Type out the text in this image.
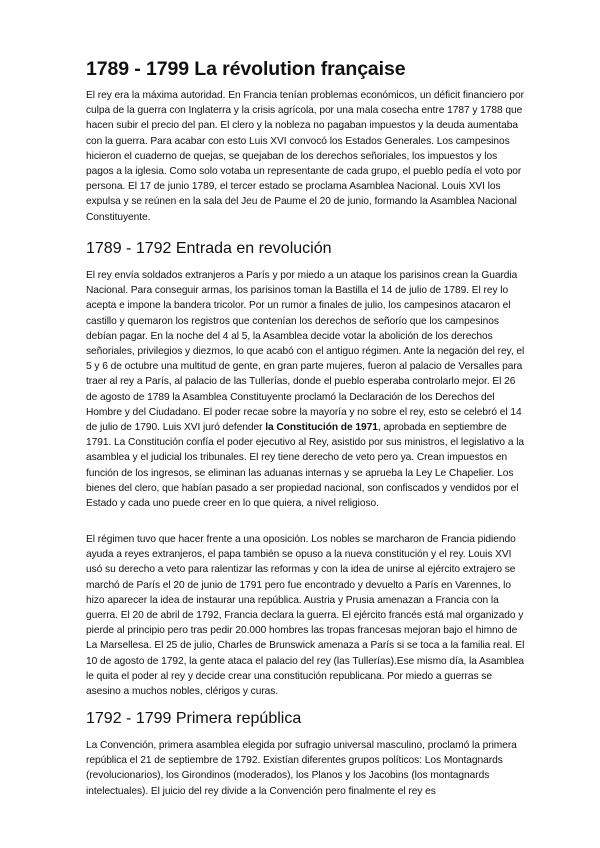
1789 - 1799 La révolution française

El rey era la máxima autoridad. En Francia tenían problemas económicos, un déficit financiero por culpa de la guerra con Inglaterra y la crisis agrícola, por una mala cosecha entre 1787 y 1788 que hacen subir el precio del pan. El clero y la nobleza no pagaban impuestos y la deuda aumentaba con la guerra. Para acabar con esto Luis XVI convocó los Estados Generales. Los campesinos hicieron el cuaderno de quejas, se quejaban de los derechos señoriales, los impuestos y los pagos a la iglesia. Como solo votaba un representante de cada grupo, el pueblo pedía el voto por persona. El 17 de junio 1789, el tercer estado se proclama Asamblea Nacional. Louis XVI los expulsa y se reúnen en la sala del Jeu de Paume el 20 de junio, formando la Asamblea Nacional Constituyente.

1789 - 1792 Entrada en revolución

El rey envía soldados extranjeros a París y por miedo a un ataque los parisinos crean la Guardia Nacional. Para conseguir armas, los parisinos toman la Bastilla el 14 de julio de 1789. El rey lo acepta e impone la bandera tricolor. Por un rumor a finales de julio, los campesinos atacaron el castillo y quemaron los registros que contenían los derechos de señorío que los campesinos debían pagar. En la noche del 4 al 5, la Asamblea decide votar la abolición de los derechos señoriales, privilegios y diezmos, lo que acabó con el antiguo régimen. Ante la negación del rey, el 5 y 6 de octubre una multitud de gente, en gran parte mujeres, fueron al palacio de Versalles para traer al rey a París, al palacio de las Tullerías, donde el pueblo esperaba controlarlo mejor. El 26 de agosto de 1789 la Asamblea Constituyente proclamó la Declaración de los Derechos del Hombre y del Ciudadano. El poder recae sobre la mayoría y no sobre el rey, esto se celebró el 14 de julio de 1790. Luis XVI juró defender la Constitución de 1971, aprobada en septiembre de 1791. La Constitución confía el poder ejecutivo al Rey, asistido por sus ministros, el legislativo a la asamblea y el judicial los tribunales. El rey tiene derecho de veto pero ya. Crean impuestos en función de los ingresos, se eliminan las aduanas internas y se aprueba la Ley Le Chapelier. Los bienes del clero, que habían pasado a ser propiedad nacional, son confiscados y vendidos por el Estado y cada uno puede creer en lo que quiera, a nivel religioso.

El régimen tuvo que hacer frente a una oposición. Los nobles se marcharon de Francia pidiendo ayuda a reyes extranjeros, el papa también se opuso a la nueva constitución y el rey. Louis XVI usó su derecho a veto para ralentizar las reformas y con la idea de unirse al ejército extrajero se marchó de París el 20 de junio de 1791 pero fue encontrado y devuelto a París en Varennes, lo hizo aparecer la idea de instaurar una república. Austria y Prusia amenazan a Francia con la guerra. El 20 de abril de 1792, Francia declara la guerra. El ejército francés está mal organizado y pierde al principio pero tras pedir 20.000 hombres las tropas francesas mejoran bajo el himno de La Marsellesa. El 25 de julio, Charles de Brunswick amenaza a París si se toca a la familia real. El 10 de agosto de 1792, la gente ataca el palacio del rey (las Tullerías).Ese mismo día, la Asamblea le quita el poder al rey y decide crear una constitución republicana. Por miedo a guerras se asesino a muchos nobles, clérigos y curas.

1792 - 1799 Primera república

La Convención, primera asamblea elegida por sufragio universal masculino, proclamó la primera república el 21 de septiembre de 1792. Existían diferentes grupos políticos: Los Montagnards (revolucionarios), los Girondinos (moderados), los Planos y los Jacobins (los montagnards intelectuales). El juicio del rey divide a la Convención pero finalmente el rey es
